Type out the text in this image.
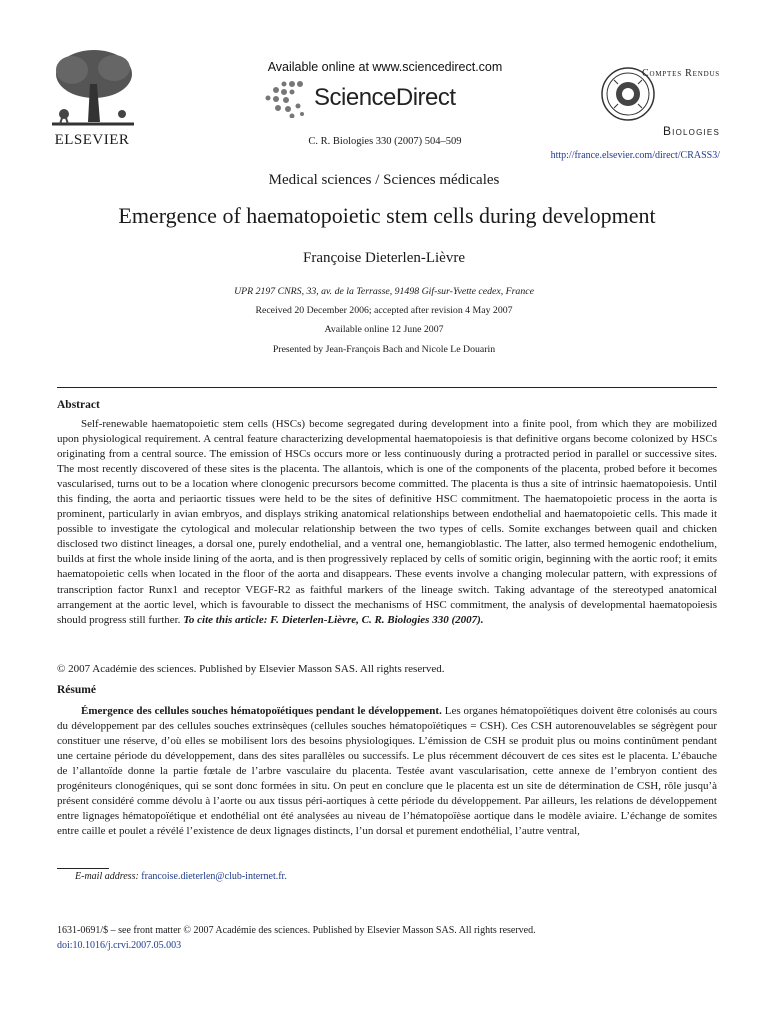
ELSEVIER
Available online at www.sciencedirect.com
ScienceDirect
C. R. Biologies 330 (2007) 504–509
Comptes Rendus
Biologies
http://france.elsevier.com/direct/CRASS3/
Medical sciences / Sciences médicales
Emergence of haematopoietic stem cells during development
Françoise Dieterlen-Lièvre
UPR 2197 CNRS, 33, av. de la Terrasse, 91498 Gif-sur-Yvette cedex, France
Received 20 December 2006; accepted after revision 4 May 2007
Available online 12 June 2007
Presented by Jean-François Bach and Nicole Le Douarin
Abstract
Self-renewable haematopoietic stem cells (HSCs) become segregated during development into a finite pool, from which they are mobilized upon physiological requirement. A central feature characterizing developmental haematopoiesis is that definitive organs become colonized by HSCs originating from a central source. The emission of HSCs occurs more or less continuously during a protracted period in parallel or successive sites. The most recently discovered of these sites is the placenta. The allantois, which is one of the components of the placenta, probed before it becomes vascularised, turns out to be a location where clonogenic precursors become committed. The placenta is thus a site of intrinsic haematopoiesis. Until this finding, the aorta and periaortic tissues were held to be the sites of definitive HSC commitment. The haematopoietic process in the aorta is prominent, particularly in avian embryos, and displays striking anatomical relationships between endothelial and haematopoietic cells. This made it possible to investigate the cytological and molecular relationship between the two types of cells. Somite exchanges between quail and chicken disclosed two distinct lineages, a dorsal one, purely endothelial, and a ventral one, hemangioblastic. The latter, also termed hemogenic endothelium, builds at first the whole inside lining of the aorta, and is then progressively replaced by cells of somitic origin, beginning with the aortic roof; it emits haematopoietic cells when located in the floor of the aorta and disappears. These events involve a changing molecular pattern, with expressions of transcription factor Runx1 and receptor VEGF-R2 as faithful markers of the lineage switch. Taking advantage of the stereotyped anatomical arrangement at the aortic level, which is favourable to dissect the mechanisms of HSC commitment, the analysis of developmental haematopoiesis should progress still further. To cite this article: F. Dieterlen-Lièvre, C. R. Biologies 330 (2007).
© 2007 Académie des sciences. Published by Elsevier Masson SAS. All rights reserved.
Résumé
Émergence des cellules souches hématopoïétiques pendant le développement. Les organes hématopoïétiques doivent être colonisés au cours du développement par des cellules souches extrinsèques (cellules souches hématopoïétiques = CSH). Ces CSH autorenouvelables se ségrègent pour constituer une réserve, d’où elles se mobilisent lors des besoins physiologiques. L’émission de CSH se produit plus ou moins continûment pendant une certaine période du développement, dans des sites parallèles ou successifs. Le plus récemment découvert de ces sites est le placenta. L’ébauche de l’allantoïde donne la partie fœtale de l’arbre vasculaire du placenta. Testée avant vascularisation, cette annexe de l’embryon contient des progéniteurs clonogéniques, qui se sont donc formées in situ. On peut en conclure que le placenta est un site de détermination de CSH, rôle jusqu’à présent considéré comme dévolu à l’aorte ou aux tissus péri-aortiques à cette période du développement. Par ailleurs, les relations de développement entre lignages hématopoïétique et endothélial ont été analysées au niveau de l’hématopoïèse aortique dans le modèle aviaire. L’échange de somites entre caille et poulet a révélé l’existence de deux lignages distincts, l’un dorsal et purement endothélial, l’autre ventral,
E-mail address: francoise.dieterlen@club-internet.fr.
1631-0691/$ – see front matter © 2007 Académie des sciences. Published by Elsevier Masson SAS. All rights reserved.
doi:10.1016/j.crvi.2007.05.003
